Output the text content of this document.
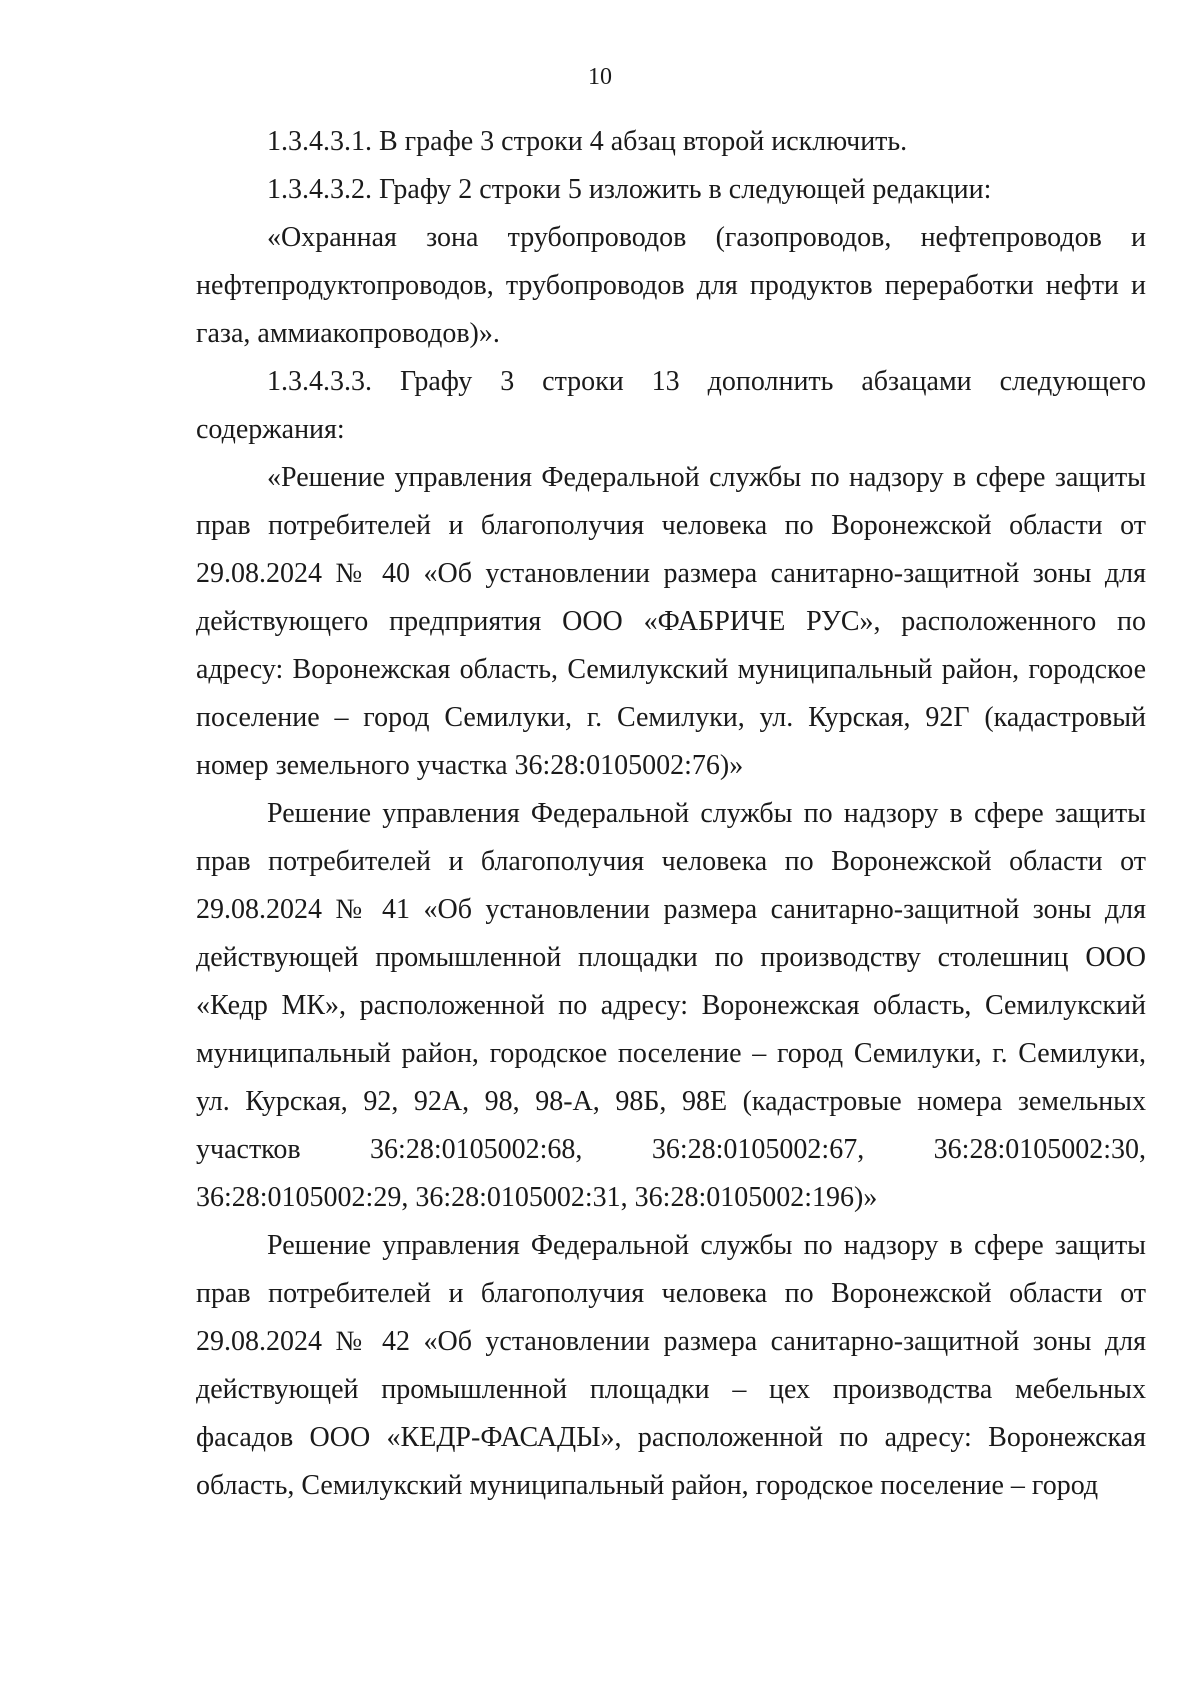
10

1.3.4.3.1. В графе 3 строки 4 абзац второй исключить.

1.3.4.3.2. Графу 2 строки 5 изложить в следующей редакции:

«Охранная зона трубопроводов (газопроводов, нефтепроводов и нефтепродуктопроводов, трубопроводов для продуктов переработки нефти и газа, аммиакопроводов)».

1.3.4.3.3. Графу 3 строки 13 дополнить абзацами следующего содержания:

«Решение управления Федеральной службы по надзору в сфере защиты прав потребителей и благополучия человека по Воронежской области от 29.08.2024 № 40 «Об установлении размера санитарно-защитной зоны для действующего предприятия ООО «ФАБРИЧЕ РУС», расположенного по адресу: Воронежская область, Семилукский муниципальный район, городское поселение – город Семилуки, г. Семилуки, ул. Курская, 92Г (кадастровый номер земельного участка 36:28:0105002:76)»

Решение управления Федеральной службы по надзору в сфере защиты прав потребителей и благополучия человека по Воронежской области от 29.08.2024 № 41 «Об установлении размера санитарно-защитной зоны для действующей промышленной площадки по производству столешниц ООО «Кедр МК», расположенной по адресу: Воронежская область, Семилукский муниципальный район, городское поселение – город Семилуки, г. Семилуки, ул. Курская, 92, 92А, 98, 98-А, 98Б, 98Е (кадастровые номера земельных участков 36:28:0105002:68, 36:28:0105002:67, 36:28:0105002:30, 36:28:0105002:29, 36:28:0105002:31, 36:28:0105002:196)»

Решение управления Федеральной службы по надзору в сфере защиты прав потребителей и благополучия человека по Воронежской области от 29.08.2024 № 42 «Об установлении размера санитарно-защитной зоны для действующей промышленной площадки – цех производства мебельных фасадов ООО «КЕДР-ФАСАДЫ», расположенной по адресу: Воронежская область, Семилукский муниципальный район, городское поселение – город
